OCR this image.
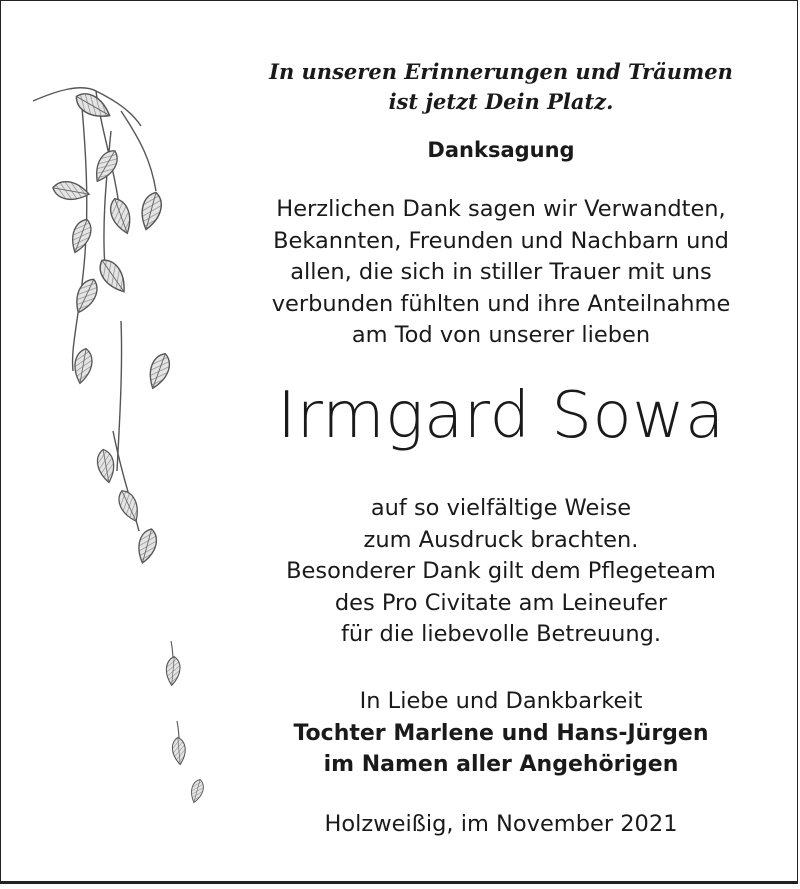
In unseren Erinnerungen und Träumen
ist jetzt Dein Platz.
Danksagung
Herzlichen Dank sagen wir Verwandten,
Bekannten, Freunden und Nachbarn und
allen, die sich in stiller Trauer mit uns
verbunden fühlten und ihre Anteilnahme
am Tod von unserer lieben
Irmgard Sowa
auf so vielfältige Weise
zum Ausdruck brachten.
Besonderer Dank gilt dem Pflegeteam
des Pro Civitate am Leineufer
für die liebevolle Betreuung.
In Liebe und Dankbarkeit
Tochter Marlene und Hans-Jürgen
im Namen aller Angehörigen
Holzweißig, im November 2021
